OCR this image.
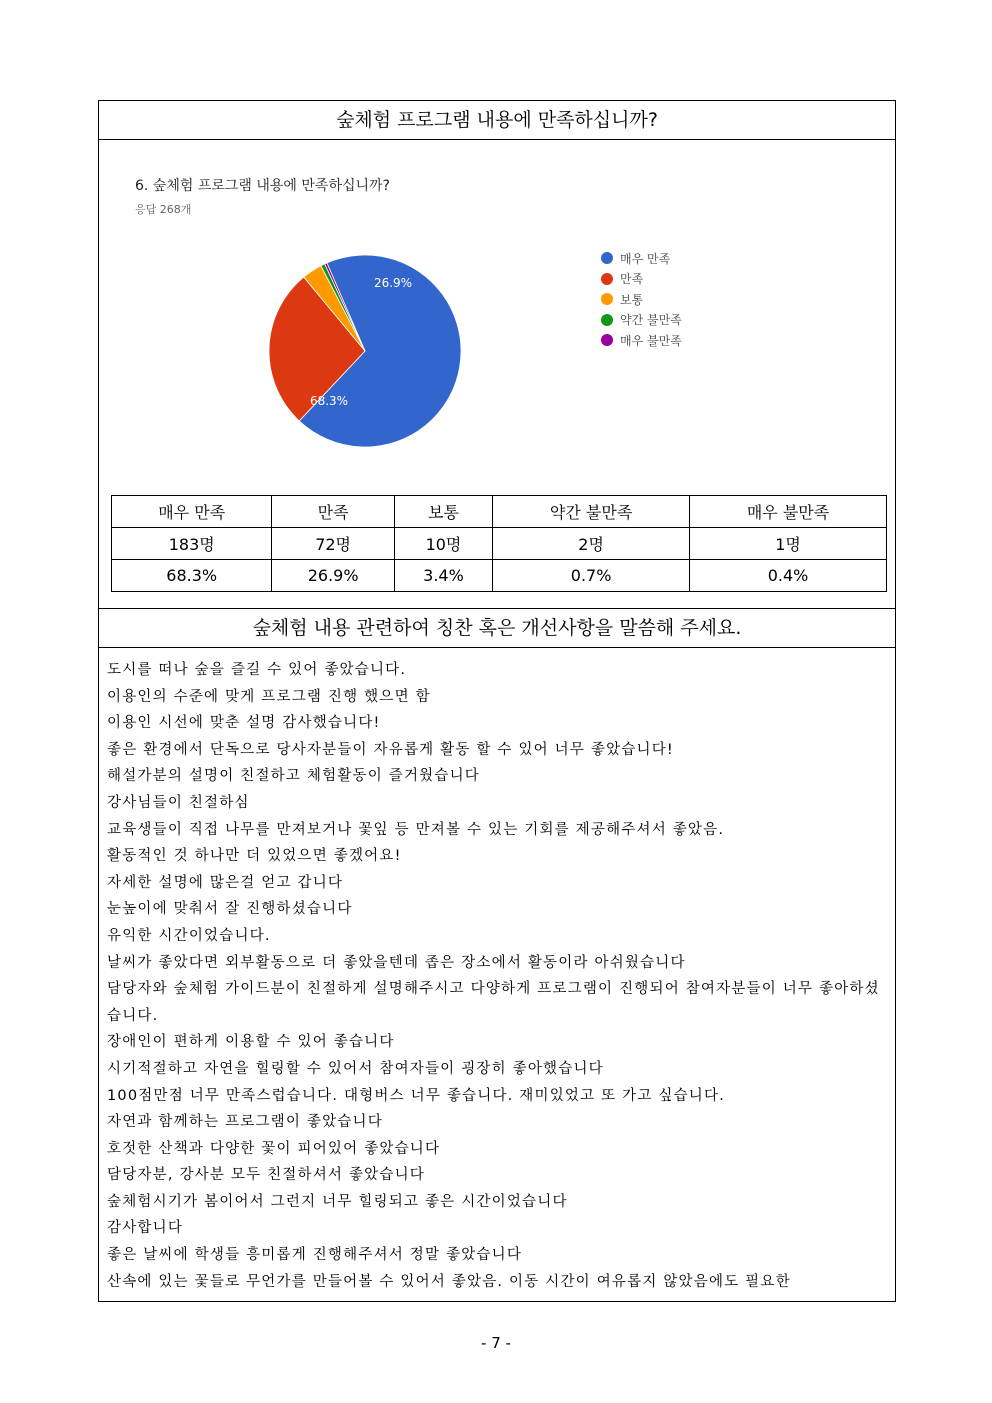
숲체험 프로그램 내용에 만족하십니까?
6. 숲체험 프로그램 내용에 만족하십니까?
응답 268개
68.3%
26.9%
매우 만족
만족
보통
약간 불만족
매우 불만족
매우 만족	만족	보통	약간 불만족	매우 불만족
183명	72명	10명	2명	1명
68.3%	26.9%	3.4%	0.7%	0.4%
숲체험 내용 관련하여 칭찬 혹은 개선사항을 말씀해 주세요.
도시를 떠나 숲을 즐길 수 있어 좋았습니다.
이용인의 수준에 맞게 프로그램 진행 했으면 함
이용인 시선에 맞춘 설명 감사했습니다!
좋은 환경에서 단독으로 당사자분들이 자유롭게 활동 할 수 있어 너무 좋았습니다!
해설가분의 설명이 친절하고 체험활동이 즐거웠습니다
강사님들이 친절하심
교육생들이 직접 나무를 만져보거나 꽃잎 등 만져볼 수 있는 기회를 제공해주셔서 좋았음.
활동적인 것 하나만 더 있었으면 좋겠어요!
자세한 설명에 많은걸 얻고 갑니다
눈높이에 맞춰서 잘 진행하셨습니다
유익한 시간이었습니다.
날씨가 좋았다면 외부활동으로 더 좋았을텐데 좁은 장소에서 활동이라 아쉬웠습니다
담당자와 숲체험 가이드분이 친절하게 설명해주시고 다양하게 프로그램이 진행되어 참여자분들이 너무 좋아하셨습니다.
장애인이 편하게 이용할 수 있어 좋습니다
시기적절하고 자연을 힐링할 수 있어서 참여자들이 굉장히 좋아했습니다
100점만점 너무 만족스럽습니다. 대형버스 너무 좋습니다. 재미있었고 또 가고 싶습니다.
자연과 함께하는 프로그램이 좋았습니다
호젓한 산책과 다양한 꽃이 피어있어 좋았습니다
담당자분, 강사분 모두 친절하셔서 좋았습니다
숲체험시기가 봄이어서 그런지 너무 힐링되고 좋은 시간이었습니다
감사합니다
좋은 날씨에 학생들 흥미롭게 진행해주셔서 정말 좋았습니다
산속에 있는 꽃들로 무언가를 만들어볼 수 있어서 좋았음. 이동 시간이 여유롭지 않았음에도 필요한
- 7 -
